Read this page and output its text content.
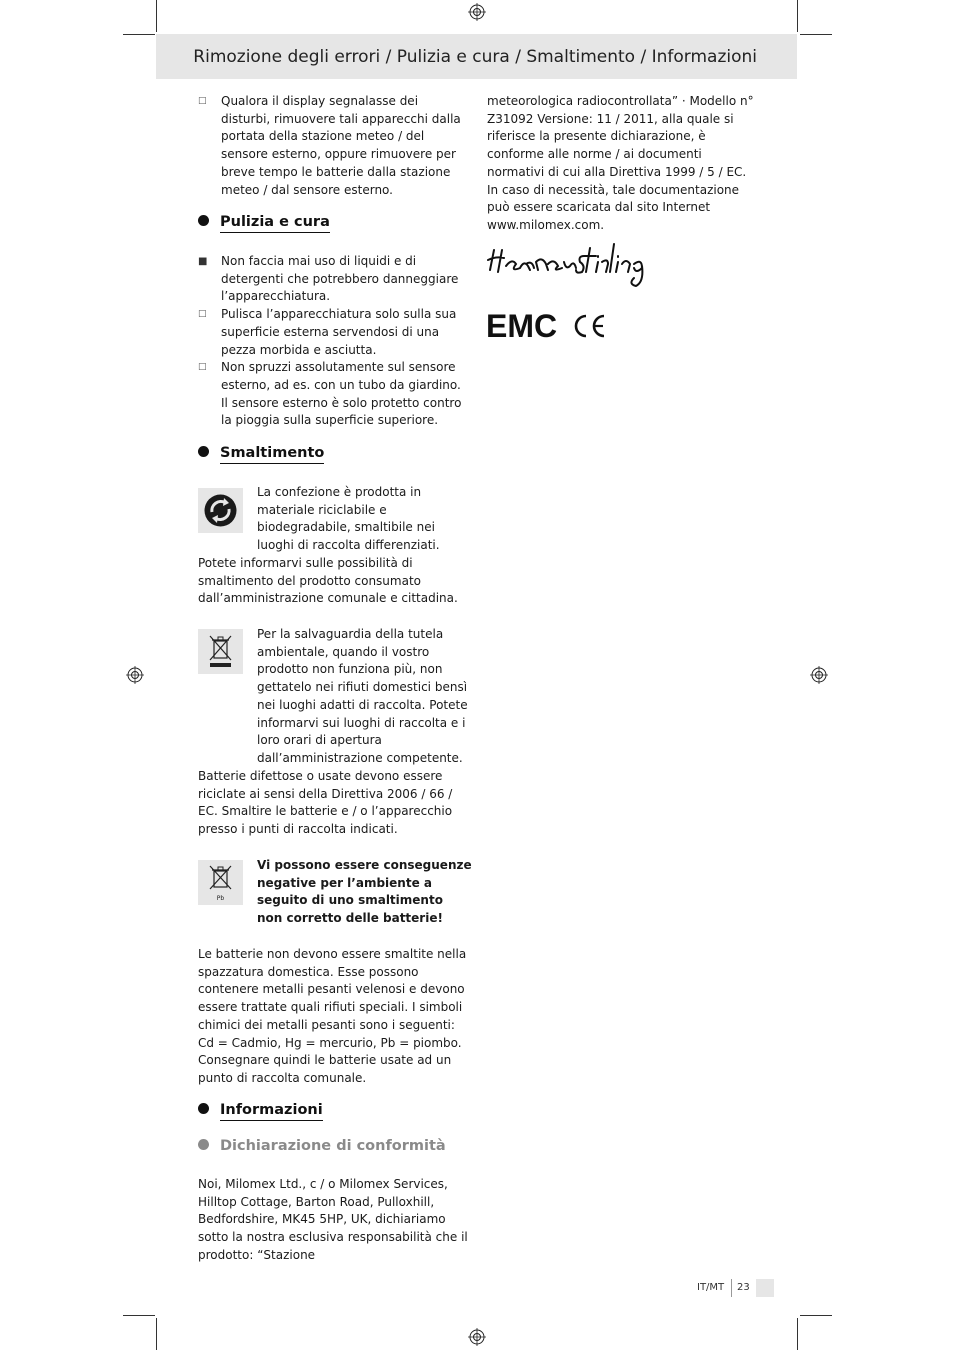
Rimozione degli errori / Pulizia e cura / Smaltimento / Informazioni
□ Qualora il display segnalasse dei disturbi, rimuovere tali apparecchi dalla portata della stazione meteo / del sensore esterno, oppure rimuovere per breve tempo le batterie dalla stazione meteo / dal sensore esterno.

Pulizia e cura
■ Non faccia mai uso di liquidi e di detergenti che potrebbero danneggiare l’apparecchiatura.

□ Pulisca l’apparecchiatura solo sulla sua superficie esterna servendosi di una pezza morbida e asciutta.

□ Non spruzzi assolutamente sul sensore esterno, ad es. con un tubo da giardino. Il sensore esterno è solo protetto contro la pioggia sulla superficie superiore.

Smaltimento

La confezione è prodotta in materiale riciclabile e biodegradabile, smaltibile nei luoghi di raccolta differenziati.

Potete informarvi sulle possibilità di smaltimento del prodotto consumato dall’amministrazione comunale e cittadina.

Per la salvaguardia della tutela ambientale, quando il vostro prodotto non funziona più, non gettatelo nei rifiuti domestici bensì nei luoghi adatti di raccolta. Potete informarvi sui luoghi di raccolta e i loro orari di apertura dall’amministrazione competente.

Batterie difettose o usate devono essere riciclate ai sensi della Direttiva 2006 / 66 / EC. Smaltire le batterie e / o l’apparecchio presso i punti di raccolta indicati.

Pb

Vi possono essere conseguenze negative per l’ambiente a seguito di uno smaltimento non corretto delle batterie!

Le batterie non devono essere smaltite nella spazzatura domestica. Esse possono contenere metalli pesanti velenosi e devono essere trattate quali rifiuti speciali. I simboli chimici dei metalli pesanti sono i seguenti: Cd = Cadmio, Hg = mercurio, Pb = piombo. Consegnare quindi le batterie usate ad un punto di raccolta comunale.

Informazioni
Dichiarazione di conformità

Noi, Milomex Ltd., c / o Milomex Services, Hilltop Cottage, Barton Road, Pulloxhill, Bedfordshire, MK45 5HP, UK, dichiariamo sotto la nostra esclusiva responsabilità che il prodotto: “Stazione

meteorologica radiocontrollata” · Modello n° Z31092 Versione: 11 / 2011, alla quale si riferisce la presente dichiarazione, è conforme alle norme / ai documenti normativi di cui alla Direttiva 1999 / 5 / EC. In caso di necessità, tale documentazione può essere scaricata dal sito Internet www.milomex.com.

EMC
IT/MT 23
